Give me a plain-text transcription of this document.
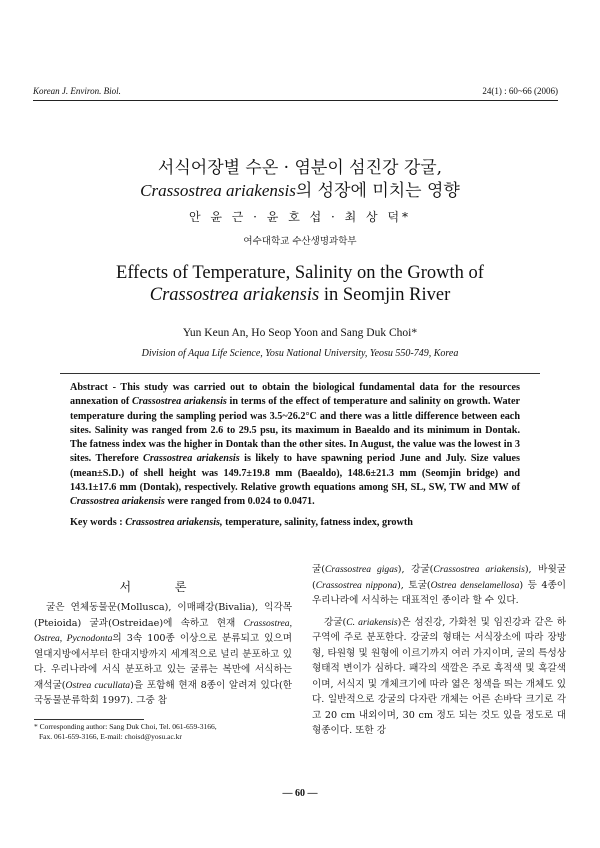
Korean J. Environ. Biol.	24(1) : 60~66 (2006)
서식어장별 수온 · 염분이 섬진강 강굴,
Crassostrea ariakensis의 성장에 미치는 영향
안 윤 근 · 윤 호 섭 · 최 상 덕*
여수대학교 수산생명과학부
Effects of Temperature, Salinity on the Growth of
Crassostrea ariakensis in Seomjin River
Yun Keun An, Ho Seop Yoon and Sang Duk Choi*
Division of Aqua Life Science, Yosu National University, Yeosu 550-749, Korea
Abstract - This study was carried out to obtain the biological fundamental data for the resources annexation of Crassostrea ariakensis in terms of the effect of temperature and salinity on growth. Water temperature during the sampling period was 3.5~26.2°C and there was a little difference between each sites. Salinity was ranged from 2.6 to 29.5 psu, its maximum in Baealdo and its minimum in Dontak. The fatness index was the higher in Dontak than the other sites. In August, the value was the lowest in 3 sites. Therefore Crassostrea ariakensis is likely to have spawning period June and July. Size values (mean±S.D.) of shell height was 149.7±19.8 mm (Baealdo), 148.6±21.3 mm (Seomjin bridge) and 143.1±17.6 mm (Dontak), respectively. Relative growth equations among SH, SL, SW, TW and MW of Crassostrea ariakensis were ranged from 0.024 to 0.0471.
Key words : Crassostrea ariakensis, temperature, salinity, fatness index, growth
서 론

굴은 연체동물문(Mollusca), 이매패강(Bivalia), 익각목(Pteioida) 굴과(Ostreidae)에 속하고 현재 Crassostrea, Ostrea, Pycnodonta의 3속 100종 이상으로 분류되고 있으며 열대지방에서부터 한대지방까지 세계적으로 널리 분포하고 있다. 우리나라에 서식 분포하고 있는 굴류는 복만에 서식하는 재석굴(Ostrea cucullata)을 포함해 현재 8종이 알려져 있다(한국동물분류학회 1997). 그중 참

* Corresponding author: Sang Duk Choi, Tel. 061-659-3166,
Fax. 061-659-3166, E-mail: choisd@yosu.ac.kr

굴(Crassostrea gigas), 강굴(Crassostrea ariakensis), 바윗굴(Crassostrea nippona), 토굴(Ostrea denselamellosa) 등 4종이 우리나라에 서식하는 대표적인 종이라 할 수 있다.

강굴(C. ariakensis)은 섬진강, 가화천 및 임진강과 같은 하구역에 주로 분포한다. 강굴의 형태는 서식장소에 따라 장방형, 타원형 및 원형에 이르기까지 여러 가지이며, 굴의 특성상 형태적 변이가 심하다. 패각의 색깔은 주로 흑적색 및 흑갈색이며, 서식지 및 개체크기에 따라 엷은 청색을 띄는 개체도 있다. 일반적으로 강굴의 다자란 개체는 어른 손바닥 크기로 각고 20 cm 내외이며, 30 cm 정도 되는 것도 있을 정도로 대형종이다. 또한 강

— 60 —
